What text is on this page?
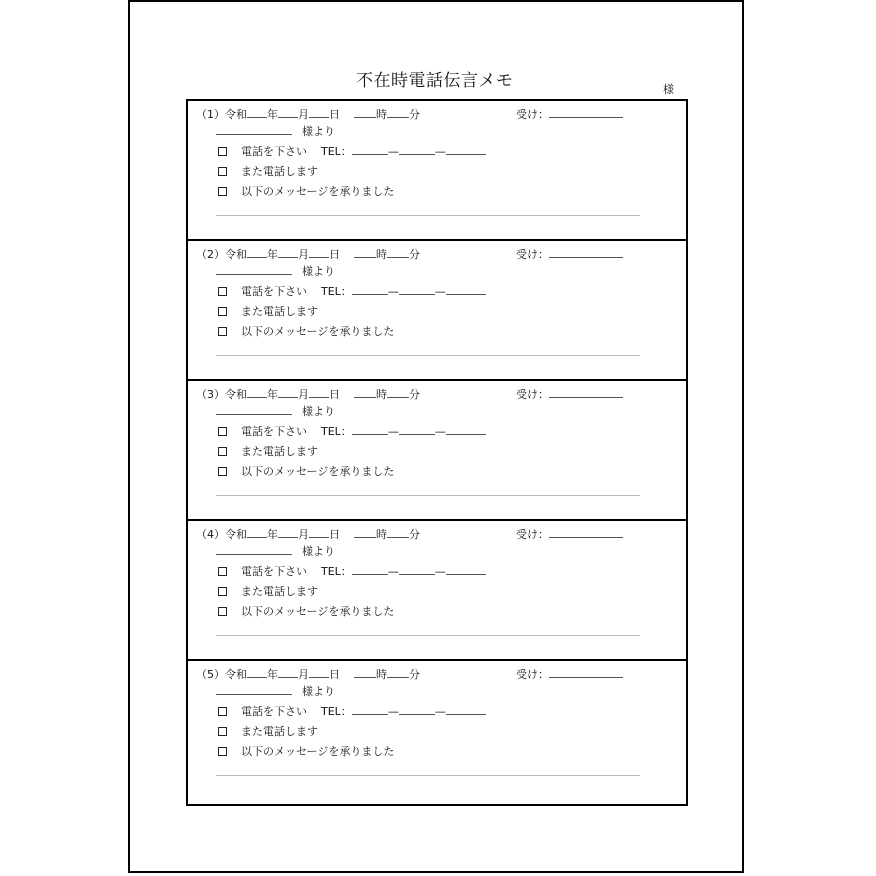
不在時電話伝言メモ	様
（1）令和 年 月 日	時 分	受け：
様より
電話を下さい TEL：	—	—
また電話します
以下のメッセージを承りました
（2）令和 年 月 日	時 分	受け：
様より
電話を下さい TEL：	—	—
また電話します
以下のメッセージを承りました
（3）令和 年 月 日	時 分	受け：
様より
電話を下さい TEL：	—	—
また電話します
以下のメッセージを承りました
（4）令和 年 月 日	時 分	受け：
様より
電話を下さい TEL：	—	—
また電話します
以下のメッセージを承りました
（5）令和 年 月 日	時 分	受け：
様より
電話を下さい TEL：	—	—
また電話します
以下のメッセージを承りました
